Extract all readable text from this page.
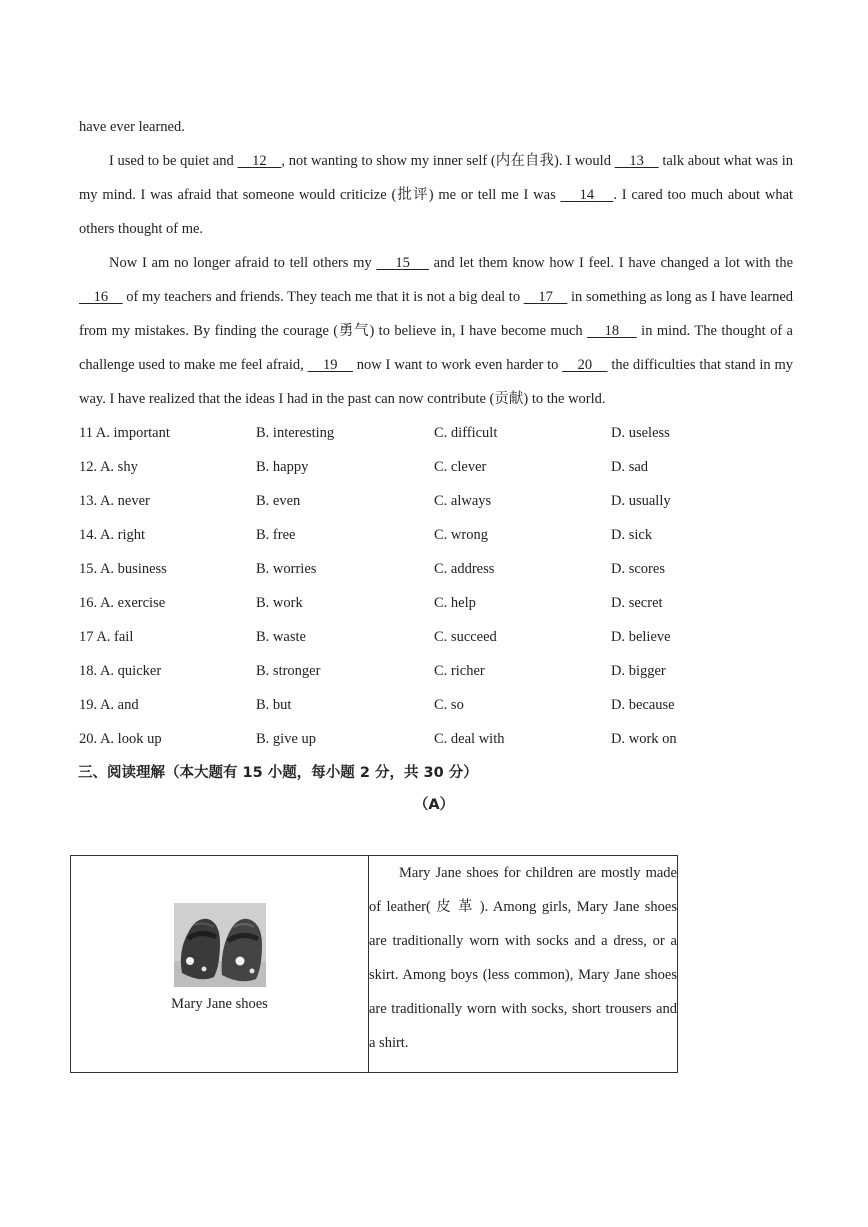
have ever learned.

I used to be quiet and     12 , not wanting to show my inner self (内在自我). I would     13     talk about what was in my mind. I was afraid that someone would criticize (批评) me or tell me I was     14 . I cared too much about what others thought of me.

Now I am no longer afraid to tell others my     15     and let them know how I feel. I have changed a lot with the     16     of my teachers and friends. They teach me that it is not a big deal to     17     in something as long as I have learned from my mistakes. By finding the courage (勇气) to believe in, I have become much     18     in mind. The thought of a challenge used to make me feel afraid,     19     now I want to work even harder to     20     the difficulties that stand in my way. I have realized that the ideas I had in the past can now contribute (贡献) to the world.

11 A. important	B. interesting	C. difficult	D. useless
12. A. shy	B. happy	C. clever	D. sad
13. A. never	B. even	C. always	D. usually
14. A. right	B. free	C. wrong	D. sick
15. A. business	B. worries	C. address	D. scores
16. A. exercise	B. work	C. help	D. secret
17 A. fail	B. waste	C. succeed	D. believe
18. A. quicker	B. stronger	C. richer	D. bigger
19. A. and	B. but	C. so	D. because
20. A. look up	B. give up	C. deal with	D. work on
三、阅读理解（本大题有 15 小题，每小题 2 分，共 30 分）
（A）
Mary Jane shoes

Mary Jane shoes for children are mostly made of leather( 皮 革 ). Among girls, Mary Jane shoes are traditionally worn with socks and a dress, or a skirt. Among boys (less common), Mary Jane shoes are traditionally worn with socks, short trousers and a shirt.
